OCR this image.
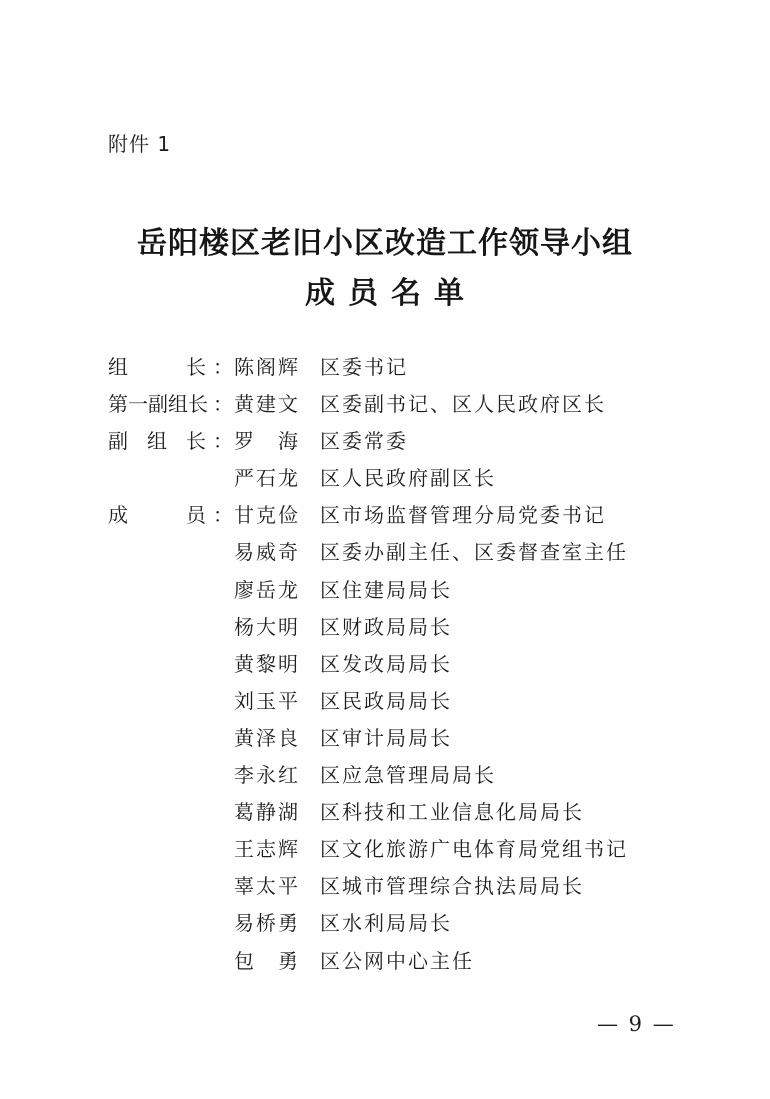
附件 1
岳阳楼区老旧小区改造工作领导小组
成员名单
组	长 ： 陈 阁 辉 区委书记
第 一 副 组 长 ： 黄 建 文 区委副书记、区人民政府区长
副 组 长 ： 罗 海 区委常委
严 石 龙 区人民政府副区长
成	员 ： 甘 克 俭 区市场监督管理分局党委书记
易 威 奇 区委办副主任、区委督查室主任
廖 岳 龙 区住建局局长
杨 大 明 区财政局局长
黄 黎 明 区发改局局长
刘 玉 平 区民政局局长
黄 泽 良 区审计局局长
李 永 红 区应急管理局局长
葛 静 湖 区科技和工业信息化局局长
王 志 辉 区文化旅游广电体育局党组书记
辜 太 平 区城市管理综合执法局局长
易 桥 勇 区水利局局长
包 勇 区公网中心主任
— 9 —
